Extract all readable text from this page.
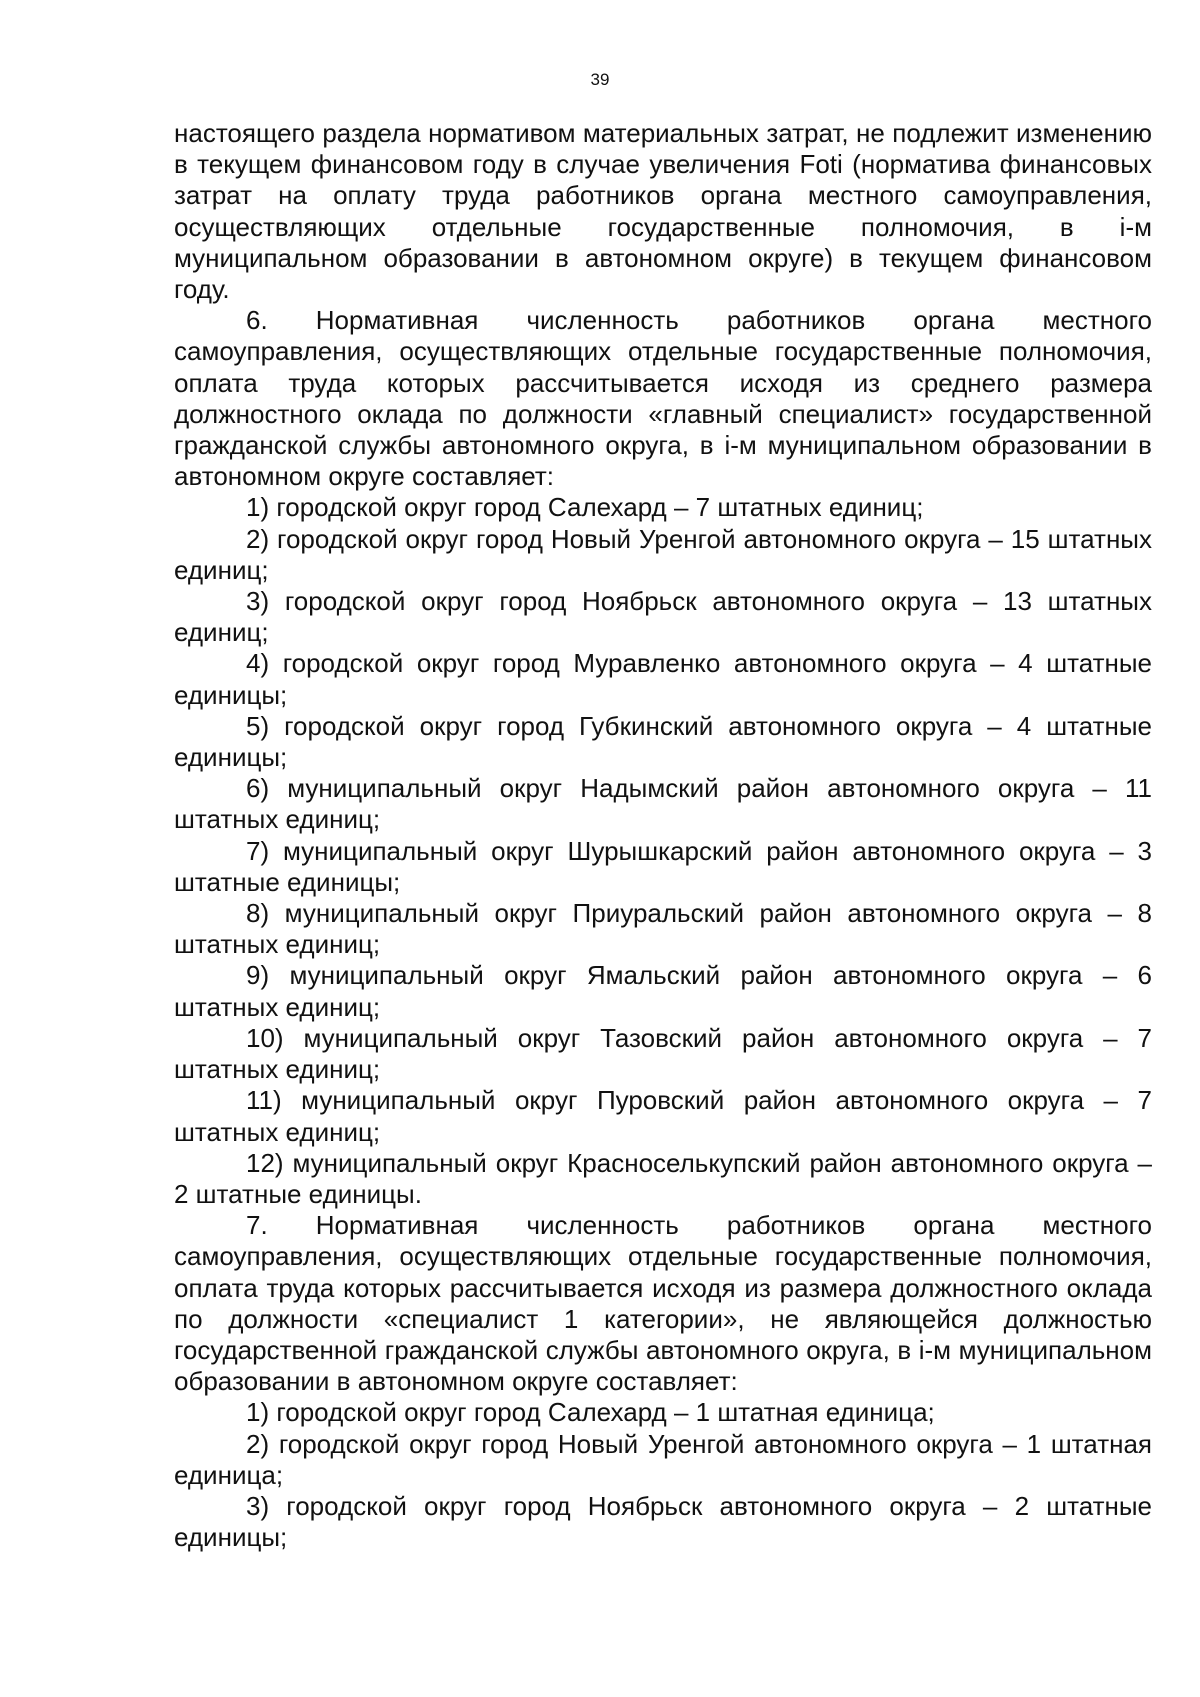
39

настоящего раздела нормативом материальных затрат, не подлежит изменению в текущем финансовом году в случае увеличения Foti (норматива финансовых затрат на оплату труда работников органа местного самоуправления, осуществляющих отдельные государственные полномочия, в i-м муниципальном образовании в автономном округе) в текущем финансовом году.

6. Нормативная численность работников органа местного самоуправления, осуществляющих отдельные государственные полномочия, оплата труда которых рассчитывается исходя из среднего размера должностного оклада по должности «главный специалист» государственной гражданской службы автономного округа, в i-м муниципальном образовании в автономном округе составляет:

1) городской округ город Салехард – 7 штатных единиц;

2) городской округ город Новый Уренгой автономного округа – 15 штатных единиц;

3) городской округ город Ноябрьск автономного округа – 13 штатных единиц;

4) городской округ город Муравленко автономного округа – 4 штатные единицы;

5) городской округ город Губкинский автономного округа – 4 штатные единицы;

6) муниципальный округ Надымский район автономного округа – 11 штатных единиц;

7) муниципальный округ Шурышкарский район автономного округа – 3 штатные единицы;

8) муниципальный округ Приуральский район автономного округа – 8 штатных единиц;

9) муниципальный округ Ямальский район автономного округа – 6 штатных единиц;

10) муниципальный округ Тазовский район автономного округа – 7 штатных единиц;

11) муниципальный округ Пуровский район автономного округа – 7 штатных единиц;

12) муниципальный округ Красноселькупский район автономного округа – 2 штатные единицы.

7. Нормативная численность работников органа местного самоуправления, осуществляющих отдельные государственные полномочия, оплата труда которых рассчитывается исходя из размера должностного оклада по должности «специалист 1 категории», не являющейся должностью государственной гражданской службы автономного округа, в i-м муниципальном образовании в автономном округе составляет:

1) городской округ город Салехард – 1 штатная единица;

2) городской округ город Новый Уренгой автономного округа – 1 штатная единица;

3) городской округ город Ноябрьск автономного округа – 2 штатные единицы;
